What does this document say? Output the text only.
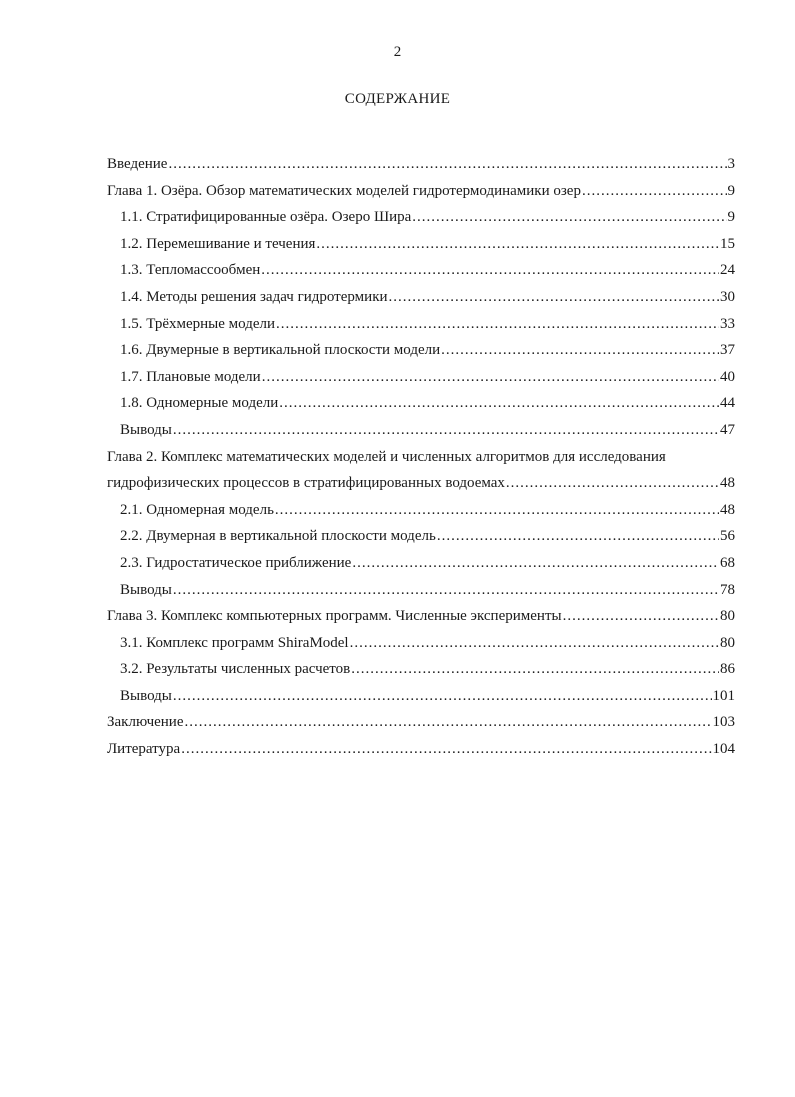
2
СОДЕРЖАНИЕ
Введение .....	3
Глава 1. Озёра. Обзор математических моделей гидротермодинамики озер .....	9
1.1. Стратифицированные озёра. Озеро Шира .....	9
1.2. Перемешивание и течения .....	15
1.3. Тепломассообмен .....	24
1.4. Методы решения задач гидротермики .....	30
1.5. Трёхмерные модели .....	33
1.6. Двумерные в вертикальной плоскости модели .....	37
1.7. Плановые модели .....	40
1.8. Одномерные модели .....	44
Выводы .....	47
Глава 2. Комплекс математических моделей и численных алгоритмов для исследования
гидрофизических процессов в стратифицированных водоемах .....	48
2.1. Одномерная модель .....	48
2.2. Двумерная в вертикальной плоскости модель .....	56
2.3. Гидростатическое приближение .....	68
Выводы .....	78
Глава 3. Комплекс компьютерных программ. Численные эксперименты .....	80
3.1. Комплекс программ ShiraModel .....	80
3.2. Результаты численных расчетов .....	86
Выводы .....	101
Заключение .....	103
Литература .....	104
